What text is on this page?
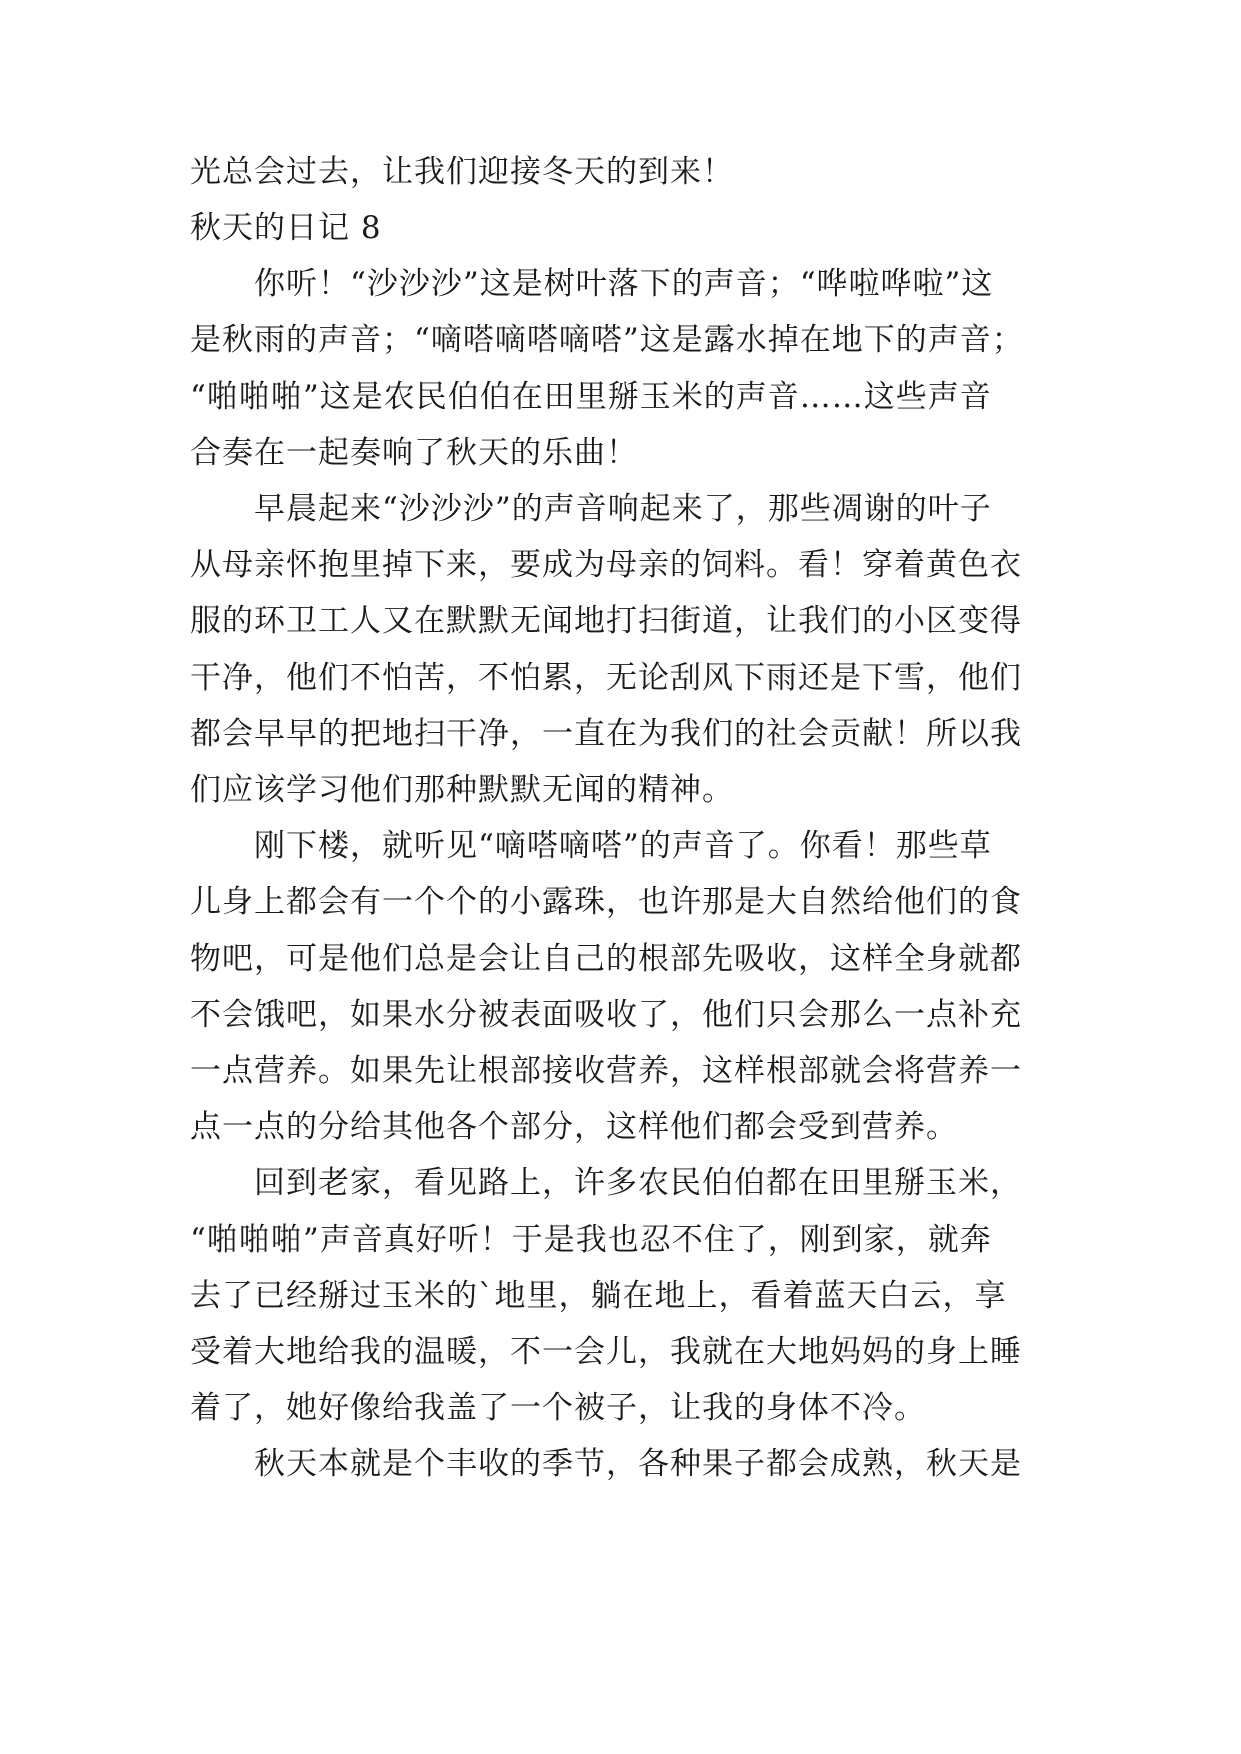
光总会过去，让我们迎接冬天的到来！
秋天的日记 8
你听！“沙沙沙”这是树叶落下的声音；“哗啦哗啦”这
是秋雨的声音；“嘀嗒嘀嗒嘀嗒”这是露水掉在地下的声音；
“啪啪啪”这是农民伯伯在田里掰玉米的声音……这些声音
合奏在一起奏响了秋天的乐曲！
早晨起来“沙沙沙”的声音响起来了，那些凋谢的叶子
从母亲怀抱里掉下来，要成为母亲的饲料。看！穿着黄色衣
服的环卫工人又在默默无闻地打扫街道，让我们的小区变得
干净，他们不怕苦，不怕累，无论刮风下雨还是下雪，他们
都会早早的把地扫干净，一直在为我们的社会贡献！所以我
们应该学习他们那种默默无闻的精神。
刚下楼，就听见“嘀嗒嘀嗒”的声音了。你看！那些草
儿身上都会有一个个的小露珠，也许那是大自然给他们的食
物吧，可是他们总是会让自己的根部先吸收，这样全身就都
不会饿吧，如果水分被表面吸收了，他们只会那么一点补充
一点营养。如果先让根部接收营养，这样根部就会将营养一
点一点的分给其他各个部分，这样他们都会受到营养。
回到老家，看见路上，许多农民伯伯都在田里掰玉米，
“啪啪啪”声音真好听！于是我也忍不住了，刚到家，就奔
去了已经掰过玉米的`地里，躺在地上，看着蓝天白云，享
受着大地给我的温暖，不一会儿，我就在大地妈妈的身上睡
着了，她好像给我盖了一个被子，让我的身体不冷。
秋天本就是个丰收的季节，各种果子都会成熟，秋天是
